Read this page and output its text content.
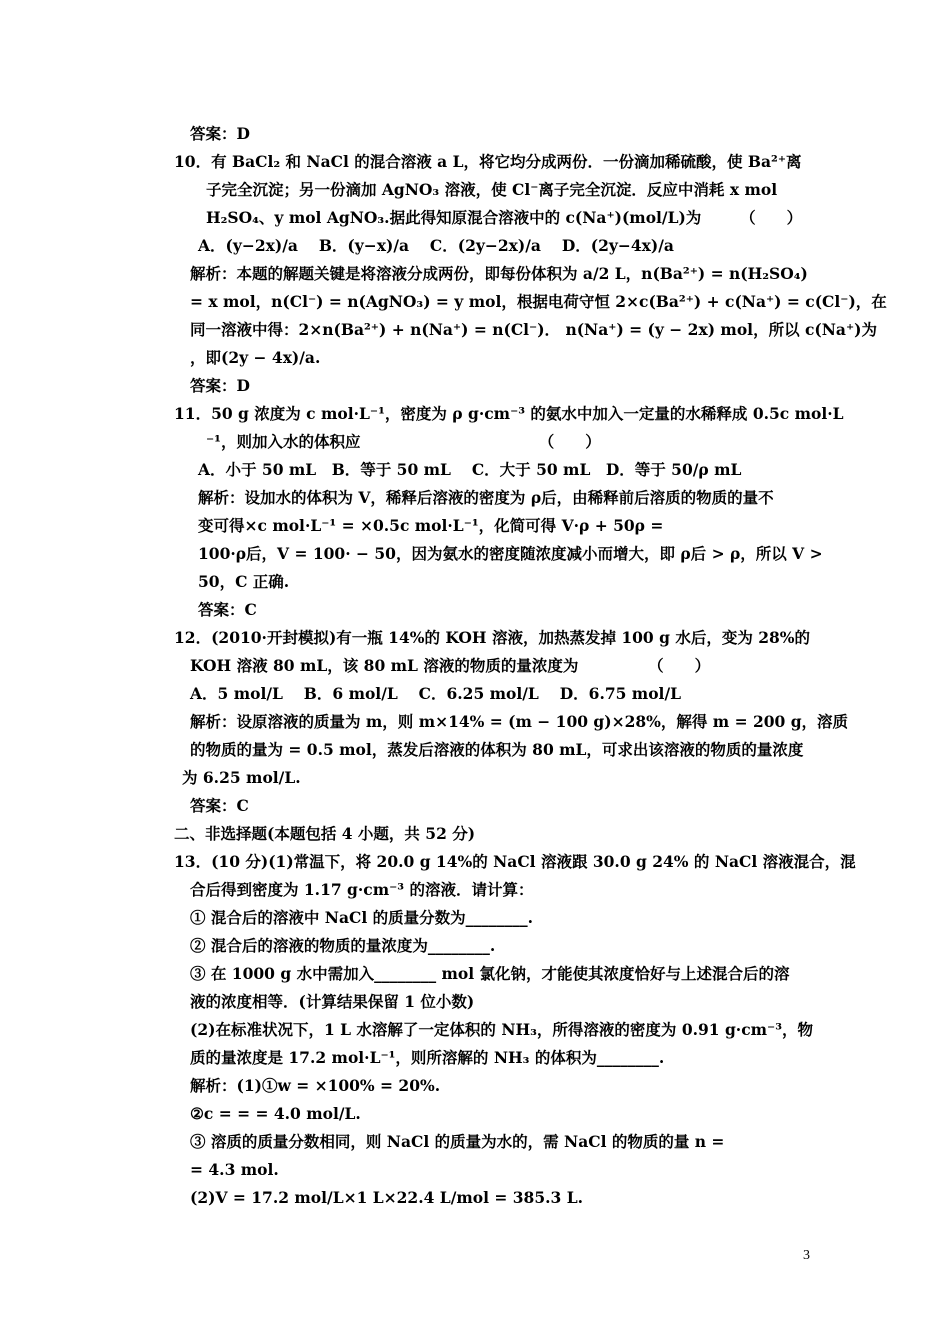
答案：D
10．有 BaCl₂ 和 NaCl 的混合溶液 a L，将它均分成两份．一份滴加稀硫酸，使 Ba²⁺离
子完全沉淀；另一份滴加 AgNO₃ 溶液，使 Cl⁻离子完全沉淀．反应中消耗 x mol
H₂SO₄、y mol AgNO₃.据此得知原混合溶液中的 c(Na⁺)(mol/L)为　　　（　　）
A．(y−2x)/a　 B．(y−x)/a　 C．(2y−2x)/a　 D．(2y−4x)/a
解析：本题的解题关键是将溶液分成两份，即每份体积为 a/2 L，n(Ba²⁺) = n(H₂SO₄)
= x mol，n(Cl⁻) = n(AgNO₃) = y mol，根据电荷守恒 2×c(Ba²⁺) + c(Na⁺) = c(Cl⁻)，在
同一溶液中得：2×n(Ba²⁺) + n(Na⁺) = n(Cl⁻)． n(Na⁺) = (y − 2x) mol，所以 c(Na⁺)为
，即(2y − 4x)/a.
答案：D
11．50 g 浓度为 c mol·L⁻¹，密度为 ρ g·cm⁻³ 的氨水中加入一定量的水稀释成 0.5c mol·L
⁻¹，则加入水的体积应　　　　　　　　　　　　（　　）
A．小于 50 mL　B．等于 50 mL　 C．大于 50 mL　D．等于 50/ρ mL
解析：设加水的体积为 V，稀释后溶液的密度为 ρ后，由稀释前后溶质的物质的量不
变可得×c mol·L⁻¹ = ×0.5c mol·L⁻¹，化简可得 V·ρ + 50ρ =
100·ρ后，V = 100· − 50，因为氨水的密度随浓度减小而增大，即 ρ后 > ρ，所以 V >
50，C 正确.
答案：C
12．(2010·开封模拟)有一瓶 14%的 KOH 溶液，加热蒸发掉 100 g 水后，变为 28%的
KOH 溶液 80 mL，该 80 mL 溶液的物质的量浓度为　　　　　（　　）
A．5 mol/L　 B．6 mol/L　 C．6.25 mol/L　 D．6.75 mol/L
解析：设原溶液的质量为 m，则 m×14% = (m − 100 g)×28%，解得 m = 200 g，溶质
的物质的量为 = 0.5 mol，蒸发后溶液的体积为 80 mL，可求出该溶液的物质的量浓度
为 6.25 mol/L.
答案：C
二、非选择题(本题包括 4 小题，共 52 分)
13．(10 分)(1)常温下，将 20.0 g 14%的 NaCl 溶液跟 30.0 g 24% 的 NaCl 溶液混合，混
合后得到密度为 1.17 g·cm⁻³ 的溶液．请计算：
① 混合后的溶液中 NaCl 的质量分数为________.
② 混合后的溶液的物质的量浓度为________.
③ 在 1000 g 水中需加入________ mol 氯化钠，才能使其浓度恰好与上述混合后的溶
液的浓度相等．(计算结果保留 1 位小数)
(2)在标准状况下，1 L 水溶解了一定体积的 NH₃，所得溶液的密度为 0.91 g·cm⁻³，物
质的量浓度是 17.2 mol·L⁻¹，则所溶解的 NH₃ 的体积为________.
解析：(1)①w = ×100% = 20%.
②c = = = 4.0 mol/L.
③ 溶质的质量分数相同，则 NaCl 的质量为水的，需 NaCl 的物质的量 n =
= 4.3 mol.
(2)V = 17.2 mol/L×1 L×22.4 L/mol = 385.3 L.
3
